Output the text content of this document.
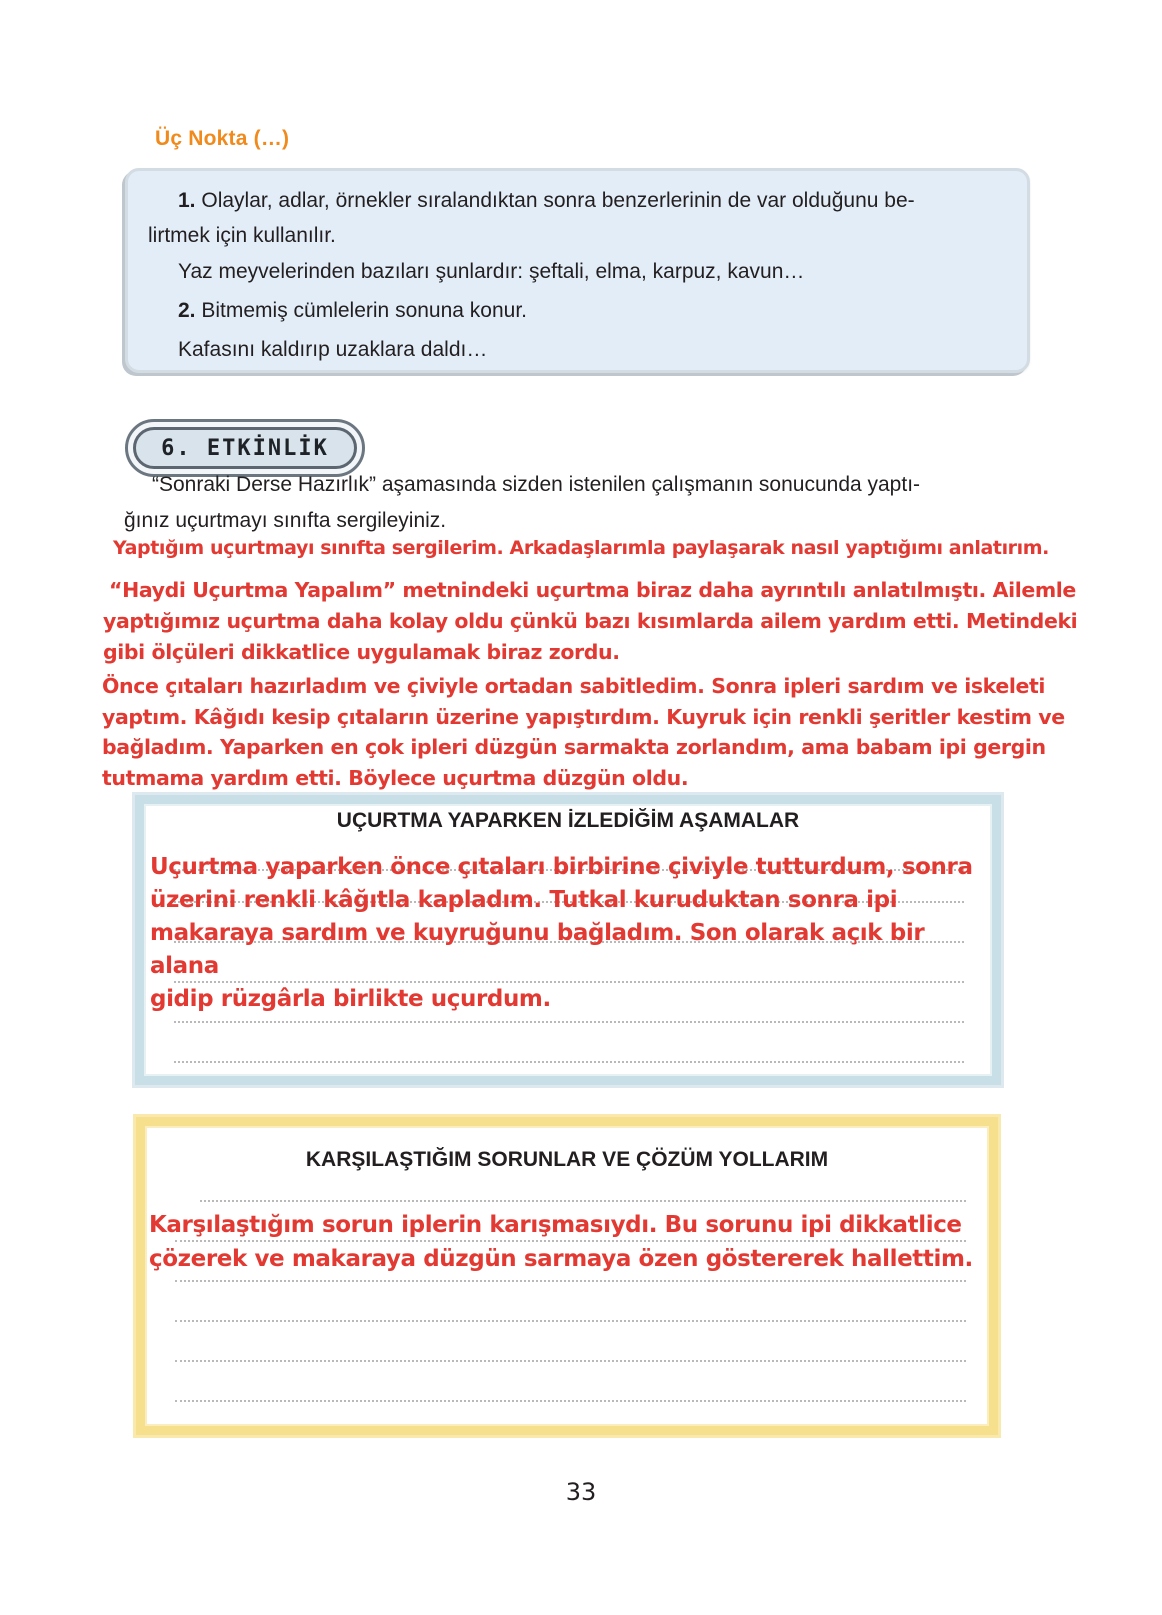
Üç Nokta (…)
1. Olaylar, adlar, örnekler sıralandıktan sonra benzerlerinin de var olduğunu be-
lirtmek için kullanılır.
Yaz meyvelerinden bazıları şunlardır: şeftali, elma, karpuz, kavun…
2. Bitmemiş cümlelerin sonuna konur.
Kafasını kaldırıp uzaklara daldı…
6. ETKİNLİK
“Sonraki Derse Hazırlık” aşamasında sizden istenilen çalışmanın sonucunda yaptı-
ğınız uçurtmayı sınıfta sergileyiniz.
Yaptığım uçurtmayı sınıfta sergilerim. Arkadaşlarımla paylaşarak nasıl yaptığımı anlatırım.
“Haydi Uçurtma Yapalım” metnindeki uçurtma biraz daha ayrıntılı anlatılmıştı. Ailemle
yaptığımız uçurtma daha kolay oldu çünkü bazı kısımlarda ailem yardım etti. Metindeki
gibi ölçüleri dikkatlice uygulamak biraz zordu.
Önce çıtaları hazırladım ve çiviyle ortadan sabitledim. Sonra ipleri sardım ve iskeleti
yaptım. Kâğıdı kesip çıtaların üzerine yapıştırdım. Kuyruk için renkli şeritler kestim ve
bağladım. Yaparken en çok ipleri düzgün sarmakta zorlandım, ama babam ipi gergin
tutmama yardım etti. Böylece uçurtma düzgün oldu.
UÇURTMA YAPARKEN İZLEDİĞİM AŞAMALAR
Uçurtma yaparken önce çıtaları birbirine çiviyle tutturdum, sonra
üzerini renkli kâğıtla kapladım. Tutkal kuruduktan sonra ipi
makaraya sardım ve kuyruğunu bağladım. Son olarak açık bir alana
gidip rüzgârla birlikte uçurdum.
KARŞILAŞTIĞIM SORUNLAR VE ÇÖZÜM YOLLARIM
Karşılaştığım sorun iplerin karışmasıydı. Bu sorunu ipi dikkatlice
çözerek ve makaraya düzgün sarmaya özen göstererek hallettim.
33
